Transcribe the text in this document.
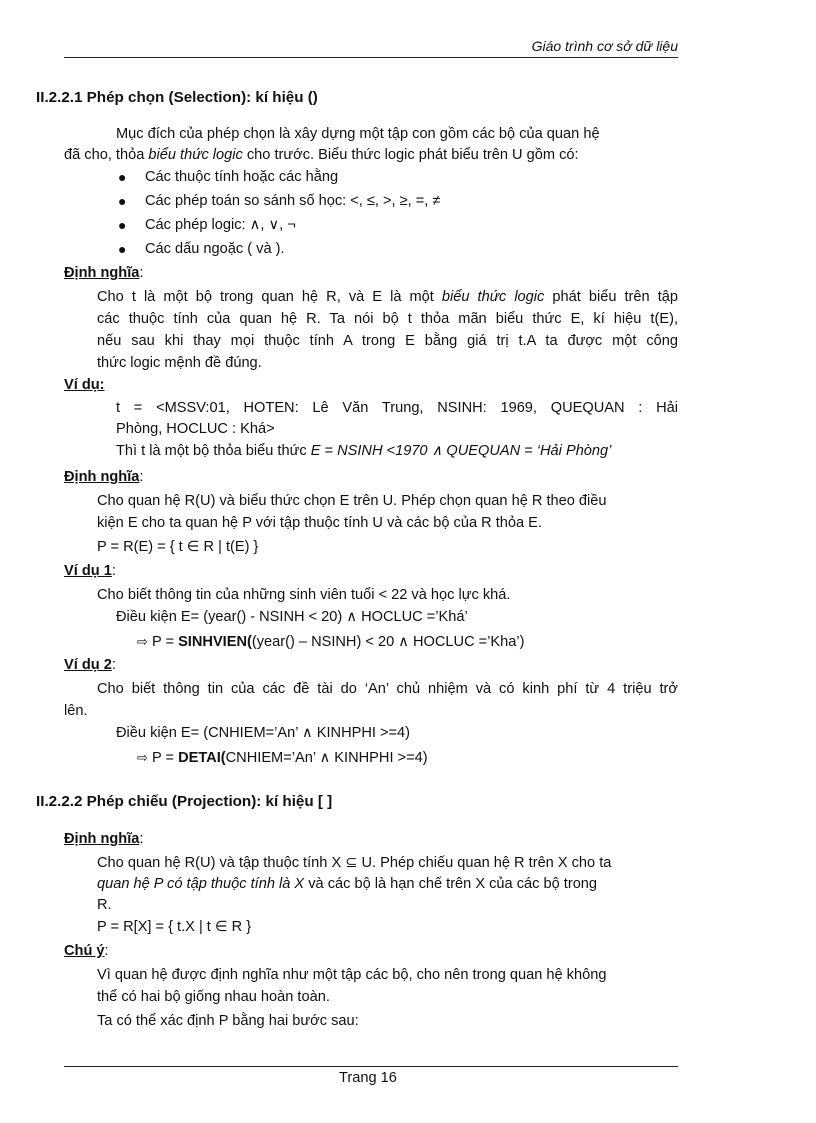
Giáo trình cơ sở dữ liệu
II.2.2.1 Phép chọn (Selection): kí hiệu ()
Mục đích của phép chọn là xây dựng một tập con gồm các bộ của quan hệ
đã cho, thỏa biểu thức logic cho trước. Biểu thức logic phát biểu trên U gồm có:
● Các thuộc tính hoặc các hằng
● Các phép toán so sánh số học: <, ≤, >, ≥, =, ≠
● Các phép logic: ∧, ∨, ¬
● Các dấu ngoặc ( và ).
Định nghĩa:
Cho t là một bộ trong quan hệ R, và E là một biểu thức logic phát biểu trên tập
các thuộc tính của quan hệ R. Ta nói bộ t thỏa mãn biểu thức E, kí hiệu t(E),
nếu sau khi thay mọi thuộc tính A trong E bằng giá trị t.A ta được một công
thức logic mệnh đề đúng.
Ví dụ:
t = <MSSV:01, HOTEN: Lê Văn Trung, NSINH: 1969, QUEQUAN : Hải
Phòng, HOCLUC : Khá>
Thì t là một bộ thỏa biểu thức E = NSINH <1970 ∧ QUEQUAN = ‘Hải Phòng’
Định nghĩa:
Cho quan hệ R(U) và biểu thức chọn E trên U. Phép chọn quan hệ R theo điều
kiện E cho ta quan hệ P với tập thuộc tính U và các bộ của R thỏa E.
P = R(E) = { t ∈ R | t(E) }
Ví dụ 1:
Cho biết thông tin của những sinh viên tuổi < 22 và học lực khá.
Điều kiện E= (year() - NSINH < 20) ∧ HOCLUC =’Khá’
⇨ P = SINHVIEN((year() – NSINH) < 20 ∧ HOCLUC =’Kha’)
Ví dụ 2:
Cho biết thông tin của các đề tài do ‘An’ chủ nhiệm và có kinh phí từ 4 triệu trở
lên.
Điều kiện E= (CNHIEM=’An’ ∧ KINHPHI >=4)
⇨ P = DETAI(CNHIEM=’An’ ∧ KINHPHI >=4)
II.2.2.2 Phép chiếu (Projection): kí hiệu [ ]
Định nghĩa:
Cho quan hệ R(U) và tập thuộc tính X ⊆ U. Phép chiếu quan hệ R trên X cho ta
quan hệ P có tập thuộc tính là X và các bộ là hạn chế trên X của các bộ trong
R.
P = R[X] = { t.X | t ∈ R }
Chú ý:
Vì quan hệ được định nghĩa như một tập các bộ, cho nên trong quan hệ không
thể có hai bộ giống nhau hoàn toàn.
Ta có thể xác định P bằng hai bước sau:
Trang 16
